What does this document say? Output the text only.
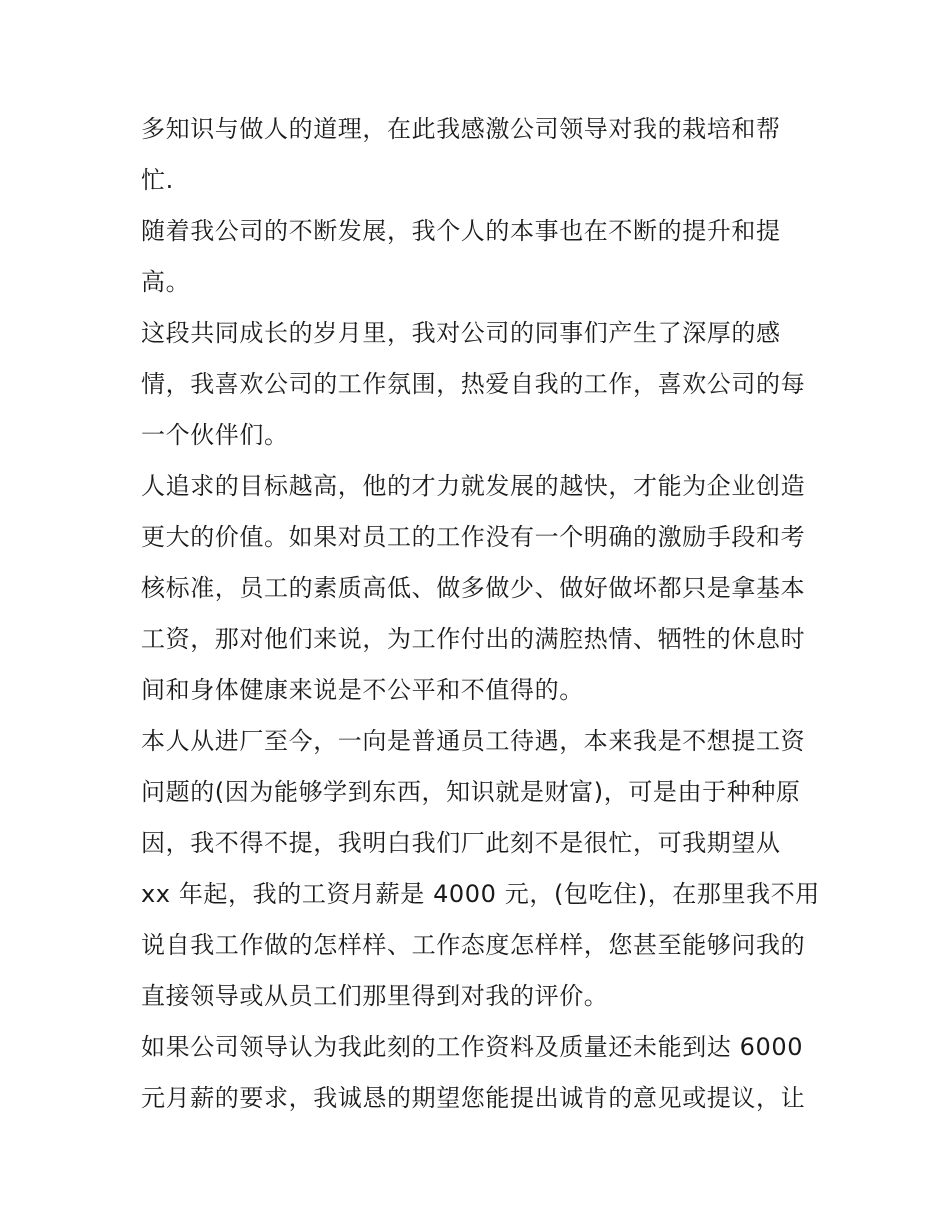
多知识与做人的道理，在此我感激公司领导对我的栽培和帮
忙.
随着我公司的不断发展，我个人的本事也在不断的提升和提
高。
这段共同成长的岁月里，我对公司的同事们产生了深厚的感
情，我喜欢公司的工作氛围，热爱自我的工作，喜欢公司的每
一个伙伴们。
人追求的目标越高，他的才力就发展的越快，才能为企业创造
更大的价值。如果对员工的工作没有一个明确的激励手段和考
核标准，员工的素质高低、做多做少、做好做坏都只是拿基本
工资，那对他们来说，为工作付出的满腔热情、牺牲的休息时
间和身体健康来说是不公平和不值得的。
本人从进厂至今，一向是普通员工待遇，本来我是不想提工资
问题的(因为能够学到东西，知识就是财富)，可是由于种种原
因，我不得不提，我明白我们厂此刻不是很忙，可我期望从
xx 年起，我的工资月薪是 4000 元，(包吃住)，在那里我不用
说自我工作做的怎样样、工作态度怎样样，您甚至能够问我的
直接领导或从员工们那里得到对我的评价。
如果公司领导认为我此刻的工作资料及质量还未能到达 6000
元月薪的要求，我诚恳的期望您能提出诚肯的意见或提议，让
